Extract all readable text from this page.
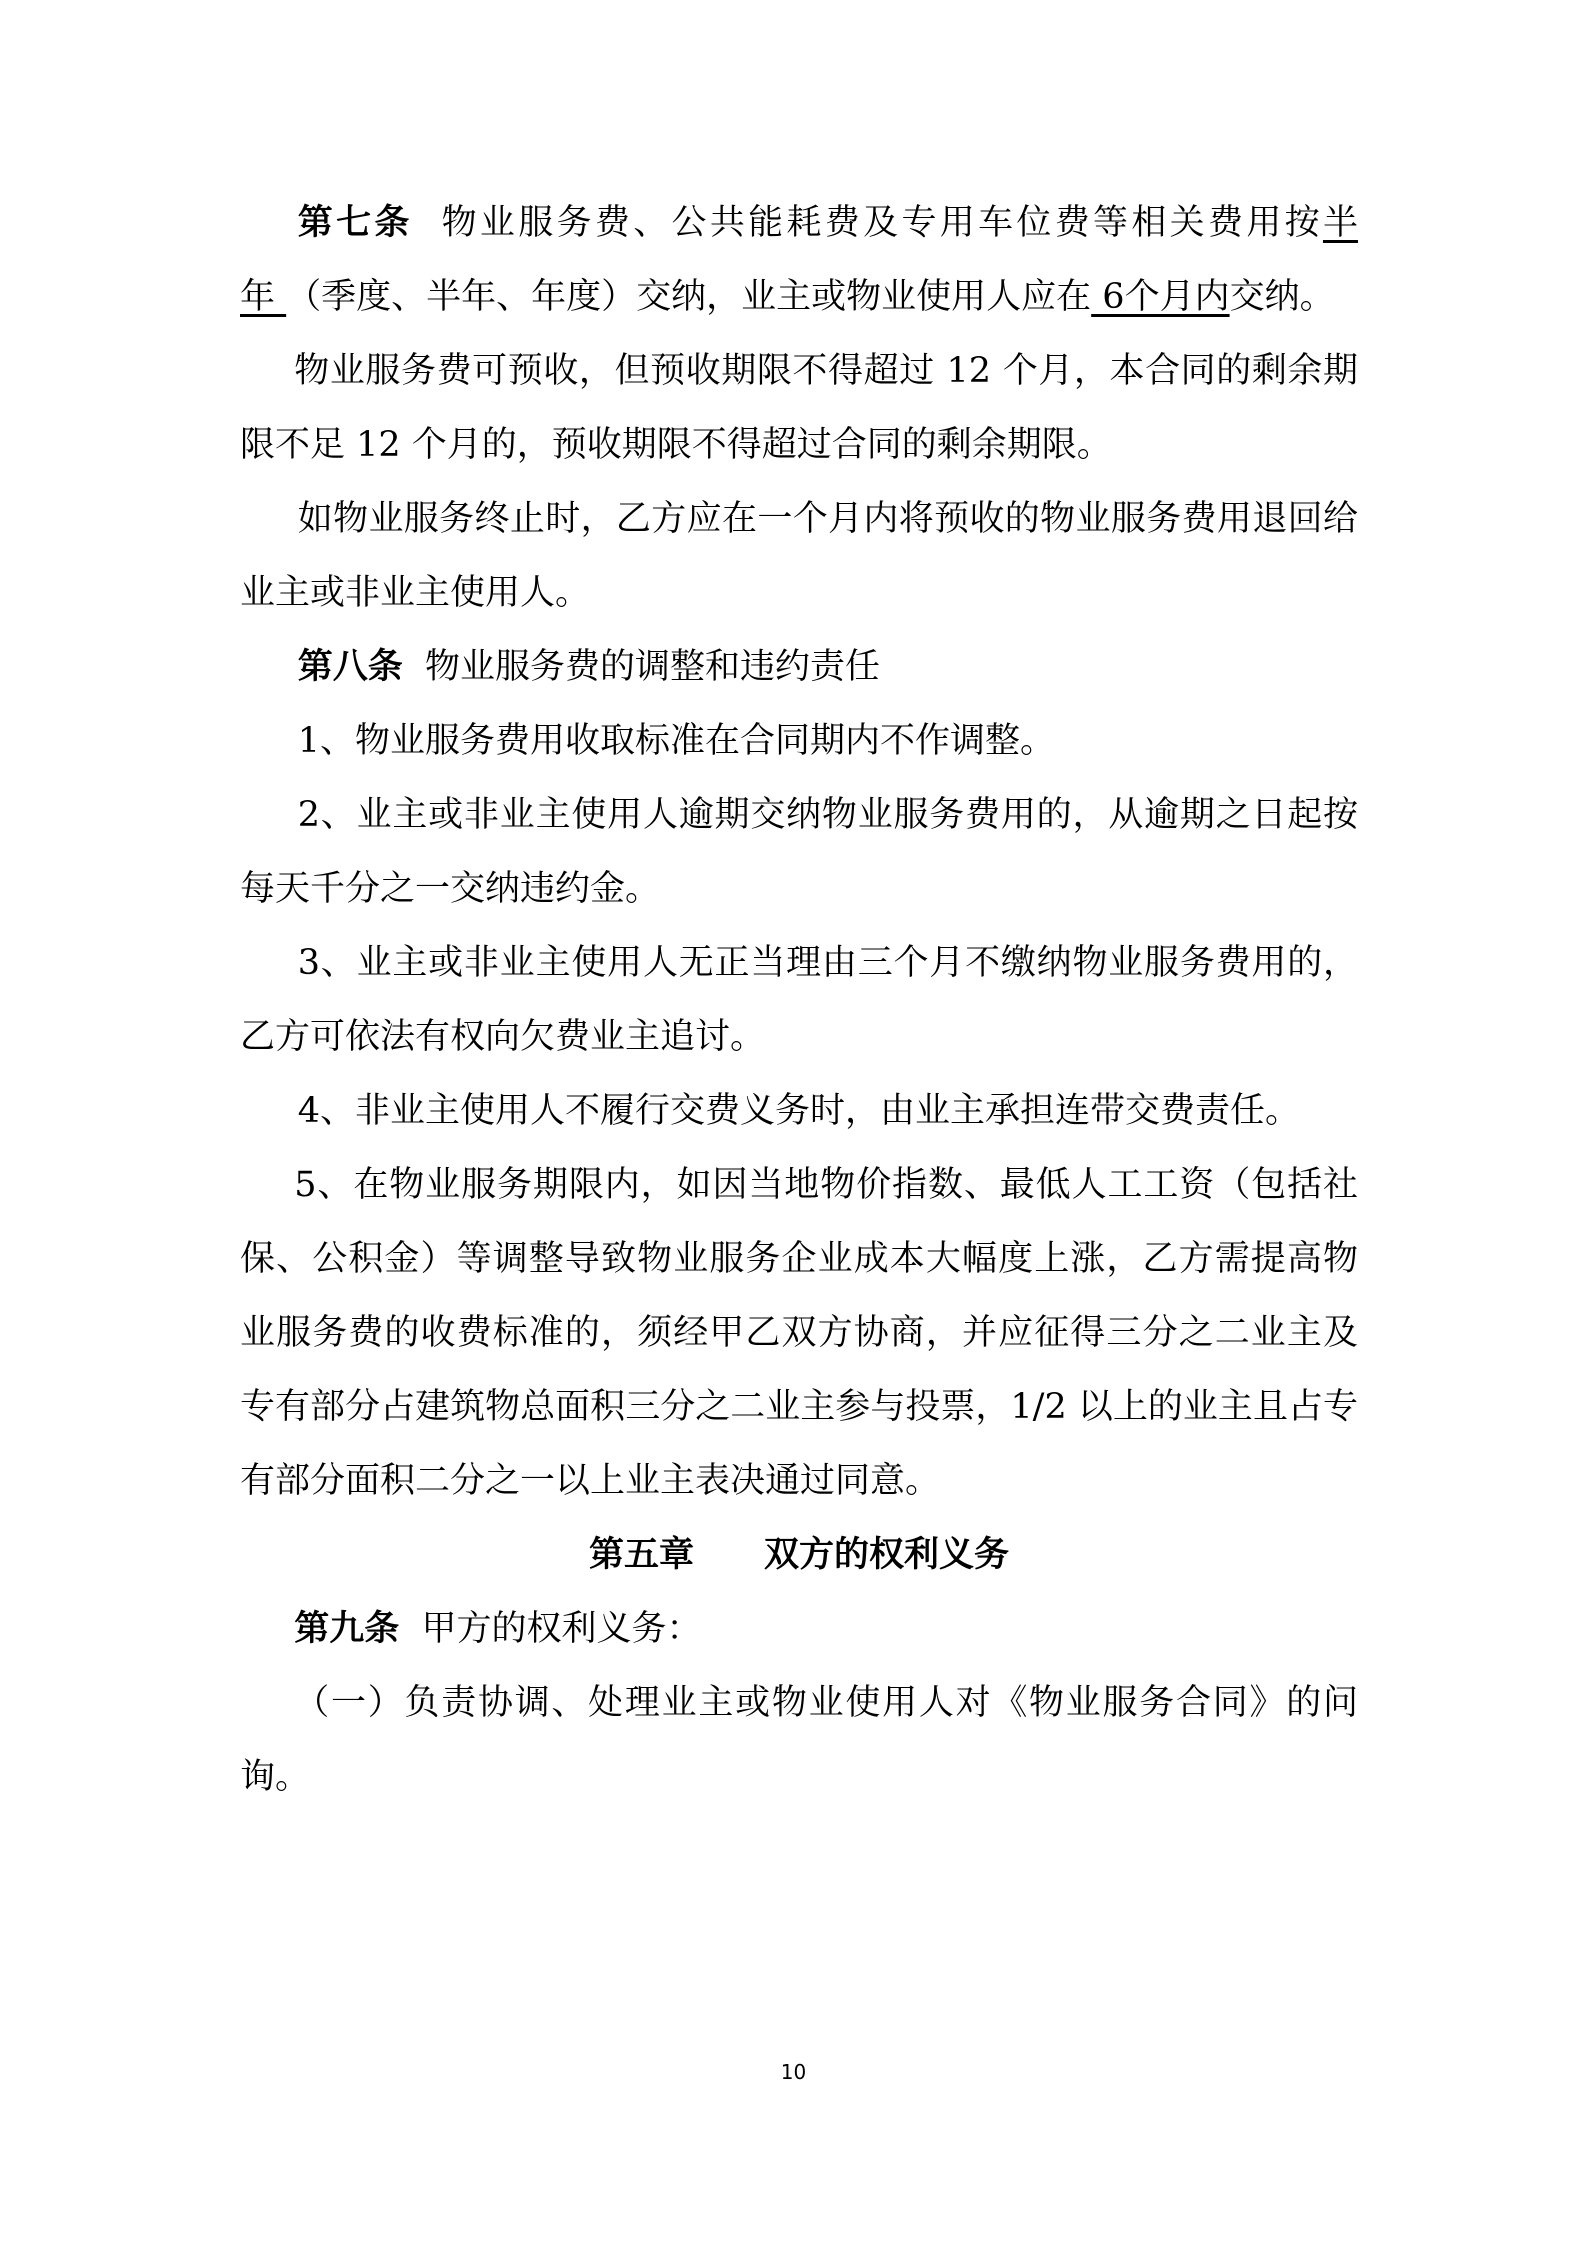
第七条 物业服务费、公共能耗费及专用车位费等相关费用按半年 （季度、半年、年度）交纳，业主或物业使用人应在 6个月内交纳。

物业服务费可预收，但预收期限不得超过 12 个月，本合同的剩余期限不足 12 个月的，预收期限不得超过合同的剩余期限。

如物业服务终止时，乙方应在一个月内将预收的物业服务费用退回给业主或非业主使用人。

第八条 物业服务费的调整和违约责任

1、物业服务费用收取标准在合同期内不作调整。

2、业主或非业主使用人逾期交纳物业服务费用的，从逾期之日起按每天千分之一交纳违约金。

3、业主或非业主使用人无正当理由三个月不缴纳物业服务费用的，乙方可依法有权向欠费业主追讨。

4、非业主使用人不履行交费义务时，由业主承担连带交费责任。

5、在物业服务期限内，如因当地物价指数、最低人工工资（包括社保、公积金）等调整导致物业服务企业成本大幅度上涨，乙方需提高物业服务费的收费标准的，须经甲乙双方协商，并应征得三分之二业主及专有部分占建筑物总面积三分之二业主参与投票，1/2 以上的业主且占专有部分面积二分之一以上业主表决通过同意。

第五章 双方的权利义务

第九条 甲方的权利义务：

（一）负责协调、处理业主或物业使用人对《物业服务合同》的问询。

10
